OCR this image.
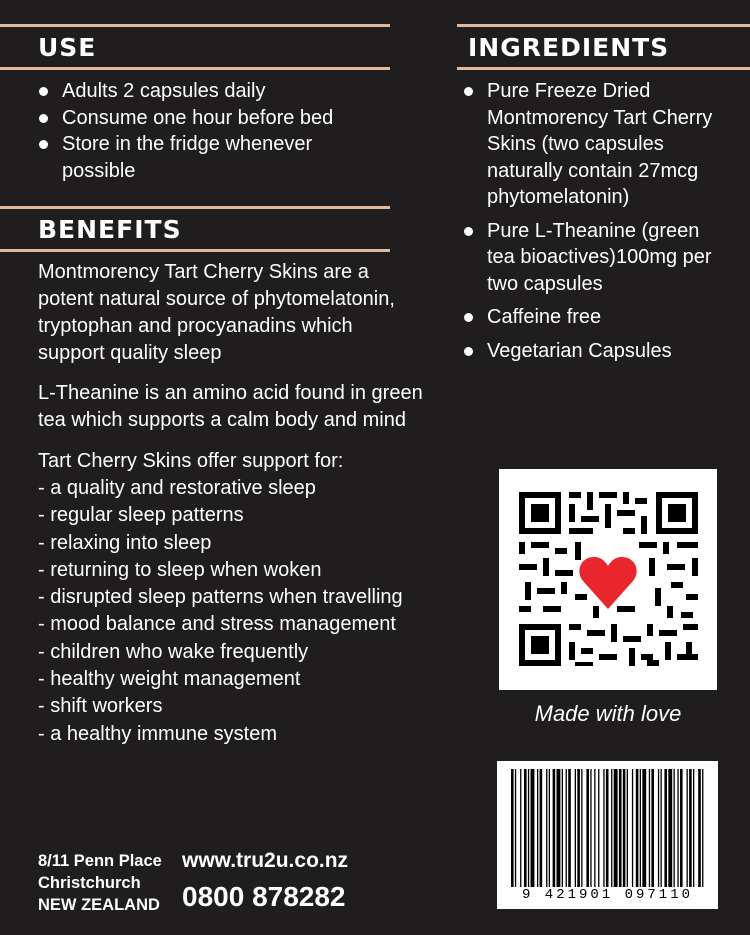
USE
Adults 2 capsules daily
Consume one hour before bed
Store in the fridge whenever possible
BENEFITS

Montmorency Tart Cherry Skins are a potent natural source of phytomelatonin, tryptophan and procyanadins which support quality sleep

L-Theanine is an amino acid found in green tea which supports a calm body and mind

Tart Cherry Skins offer support for:

- a quality and restorative sleep
- regular sleep patterns
- relaxing into sleep
- returning to sleep when woken
- disrupted sleep patterns when travelling
- mood balance and stress management
- children who wake frequently
- healthy weight management
- shift workers
- a healthy immune system
INGREDIENTS
Pure Freeze Dried Montmorency Tart Cherry Skins (two capsules naturally contain 27mcg phytomelatonin)
Pure L-Theanine (green tea bioactives)100mg per two capsules
Caffeine free
Vegetarian Capsules
Made with love
9 421901 097110
8/11 Penn Place
Christchurch
NEW ZEALAND
www.tru2u.co.nz
0800 878282
